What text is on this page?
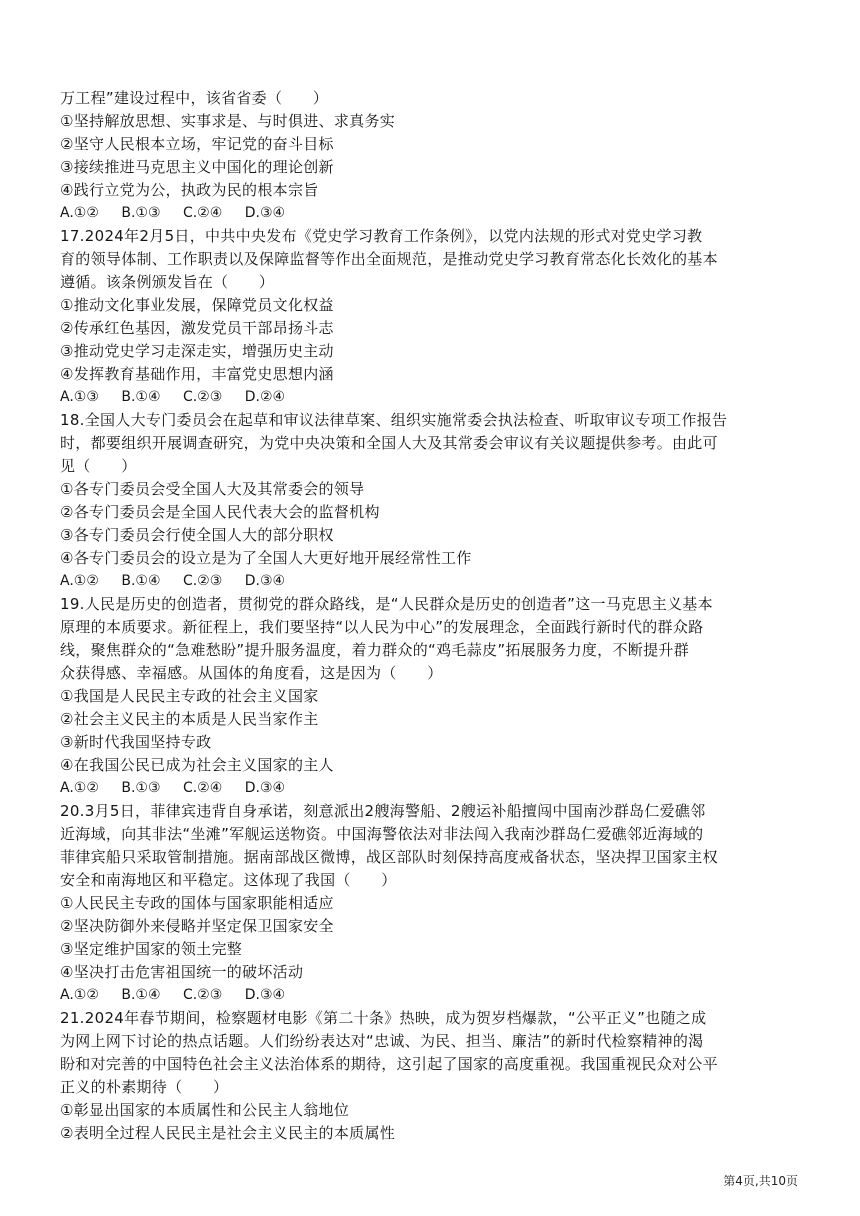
万工程”建设过程中，该省省委（　　）
①坚持解放思想、实事求是、与时俱进、求真务实
②坚守人民根本立场，牢记党的奋斗目标
③接续推进马克思主义中国化的理论创新
④践行立党为公，执政为民的根本宗旨
A.①② B.①③ C.②④ D.③④
17.2024年2月5日，中共中央发布《党史学习教育工作条例》，以党内法规的形式对党史学习教
育的领导体制、工作职责以及保障监督等作出全面规范，是推动党史学习教育常态化长效化的基本
遵循。该条例颁发旨在（　　）
①推动文化事业发展，保障党员文化权益
②传承红色基因，激发党员干部昂扬斗志
③推动党史学习走深走实，增强历史主动
④发挥教育基础作用，丰富党史思想内涵
A.①③ B.①④ C.②③ D.②④
18.全国人大专门委员会在起草和审议法律草案、组织实施常委会执法检查、听取审议专项工作报告
时，都要组织开展调查研究，为党中央决策和全国人大及其常委会审议有关议题提供参考。由此可
见（　　）
①各专门委员会受全国人大及其常委会的领导
②各专门委员会是全国人民代表大会的监督机构
③各专门委员会行使全国人大的部分职权
④各专门委员会的设立是为了全国人大更好地开展经常性工作
A.①② B.①④ C.②③ D.③④
19.人民是历史的创造者，贯彻党的群众路线，是“人民群众是历史的创造者”这一马克思主义基本
原理的本质要求。新征程上，我们要坚持“以人民为中心”的发展理念，全面践行新时代的群众路
线，聚焦群众的“急难愁盼”提升服务温度，着力群众的“鸡毛蒜皮”拓展服务力度，不断提升群
众获得感、幸福感。从国体的角度看，这是因为（　　）
①我国是人民民主专政的社会主义国家
②社会主义民主的本质是人民当家作主
③新时代我国坚持专政
④在我国公民已成为社会主义国家的主人
A.①② B.①③ C.②④ D.③④
20.3月5日，菲律宾违背自身承诺，刻意派出2艘海警船、2艘运补船擅闯中国南沙群岛仁爱礁邻
近海域，向其非法“坐滩”军舰运送物资。中国海警依法对非法闯入我南沙群岛仁爱礁邻近海域的
菲律宾船只采取管制措施。据南部战区微博，战区部队时刻保持高度戒备状态，坚决捍卫国家主权
安全和南海地区和平稳定。这体现了我国（　　）
①人民民主专政的国体与国家职能相适应
②坚决防御外来侵略并坚定保卫国家安全
③坚定维护国家的领土完整
④坚决打击危害祖国统一的破坏活动
A.①② B.①④ C.②③ D.③④
21.2024年春节期间，检察题材电影《第二十条》热映，成为贺岁档爆款，“公平正义”也随之成
为网上网下讨论的热点话题。人们纷纷表达对“忠诚、为民、担当、廉洁”的新时代检察精神的渴
盼和对完善的中国特色社会主义法治体系的期待，这引起了国家的高度重视。我国重视民众对公平
正义的朴素期待（　　）
①彰显出国家的本质属性和公民主人翁地位
②表明全过程人民民主是社会主义民主的本质属性
第4页,共10页
